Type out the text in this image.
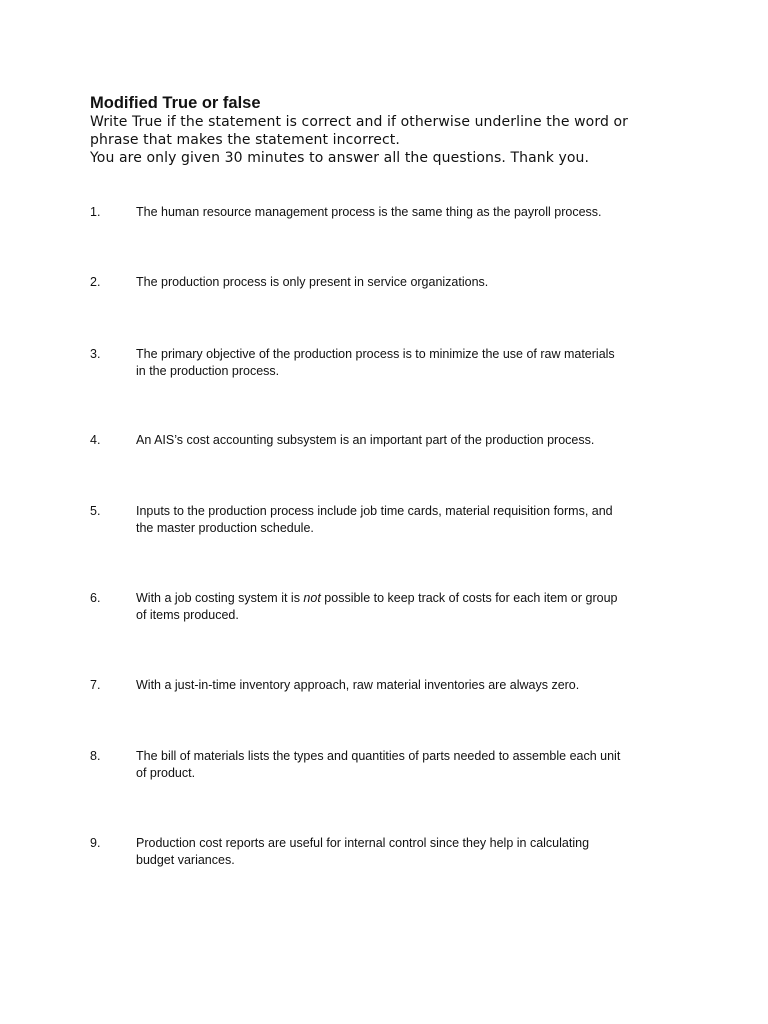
Modified True or false
Write True if the statement is correct and if otherwise underline the word or
phrase that makes the statement incorrect.
You are only given 30 minutes to answer all the questions. Thank you.
1.	The human resource management process is the same thing as the payroll process.
2.	The production process is only present in service organizations.
3.	The primary objective of the production process is to minimize the use of raw materials
in the production process.
4.	An AIS’s cost accounting subsystem is an important part of the production process.
5.	Inputs to the production process include job time cards, material requisition forms, and
the master production schedule.
6.	With a job costing system it is not possible to keep track of costs for each item or group
of items produced.
7.	With a just-in-time inventory approach, raw material inventories are always zero.
8.	The bill of materials lists the types and quantities of parts needed to assemble each unit
of product.
9.	Production cost reports are useful for internal control since they help in calculating
budget variances.
